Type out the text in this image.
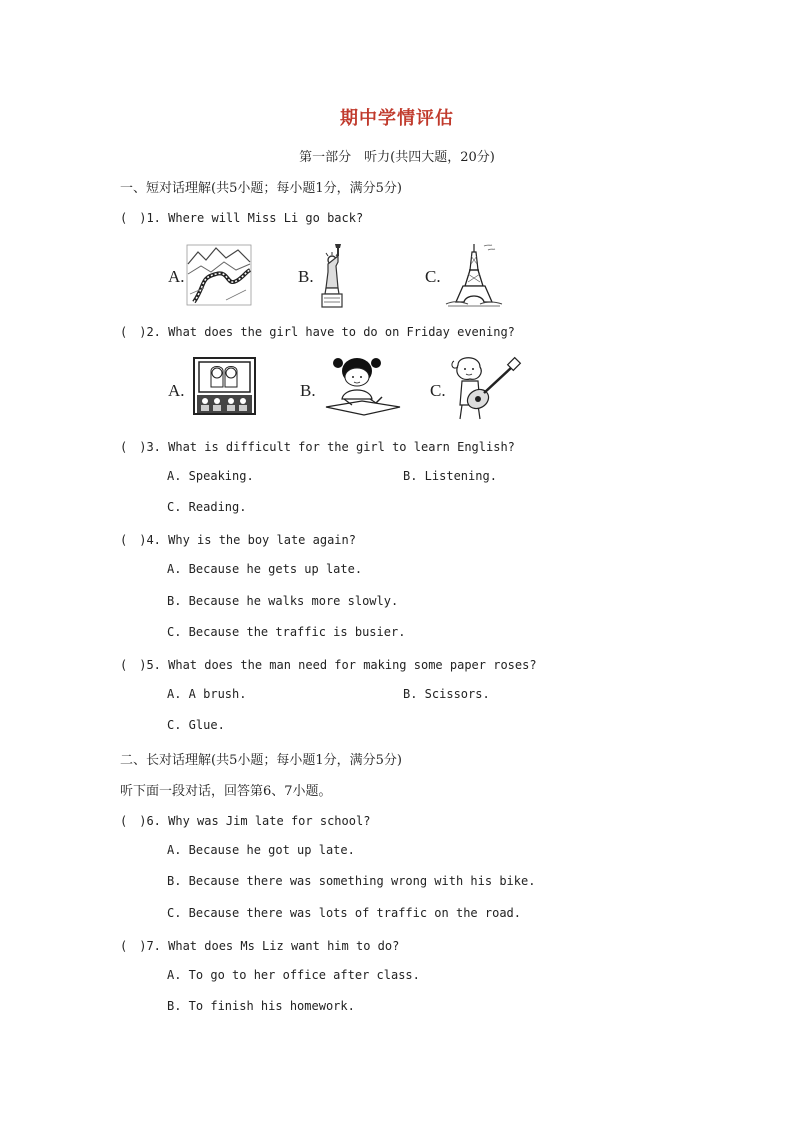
期中学情评估
第一部分　听力(共四大题，20分)
一、短对话理解(共5小题；每小题1分，满分5分)
(　)1. Where will Miss Li go back?
A.	B.	C.
(　)2. What does the girl have to do on Friday evening?
A.	B.	C.
(　)3. What is difficult for the girl to learn English?
A. Speaking.	B. Listening.
C. Reading.
(　)4. Why is the boy late again?
A. Because he gets up late.
B. Because he walks more slowly.
C. Because the traffic is busier.
(　)5. What does the man need for making some paper roses?
A. A brush.	B. Scissors.
C. Glue.
二、长对话理解(共5小题；每小题1分，满分5分)
听下面一段对话，回答第6、7小题。
(　)6. Why was Jim late for school?
A. Because he got up late.
B. Because there was something wrong with his bike.
C. Because there was lots of traffic on the road.
(　)7. What does Ms Liz want him to do?
A. To go to her office after class.
B. To finish his homework.
